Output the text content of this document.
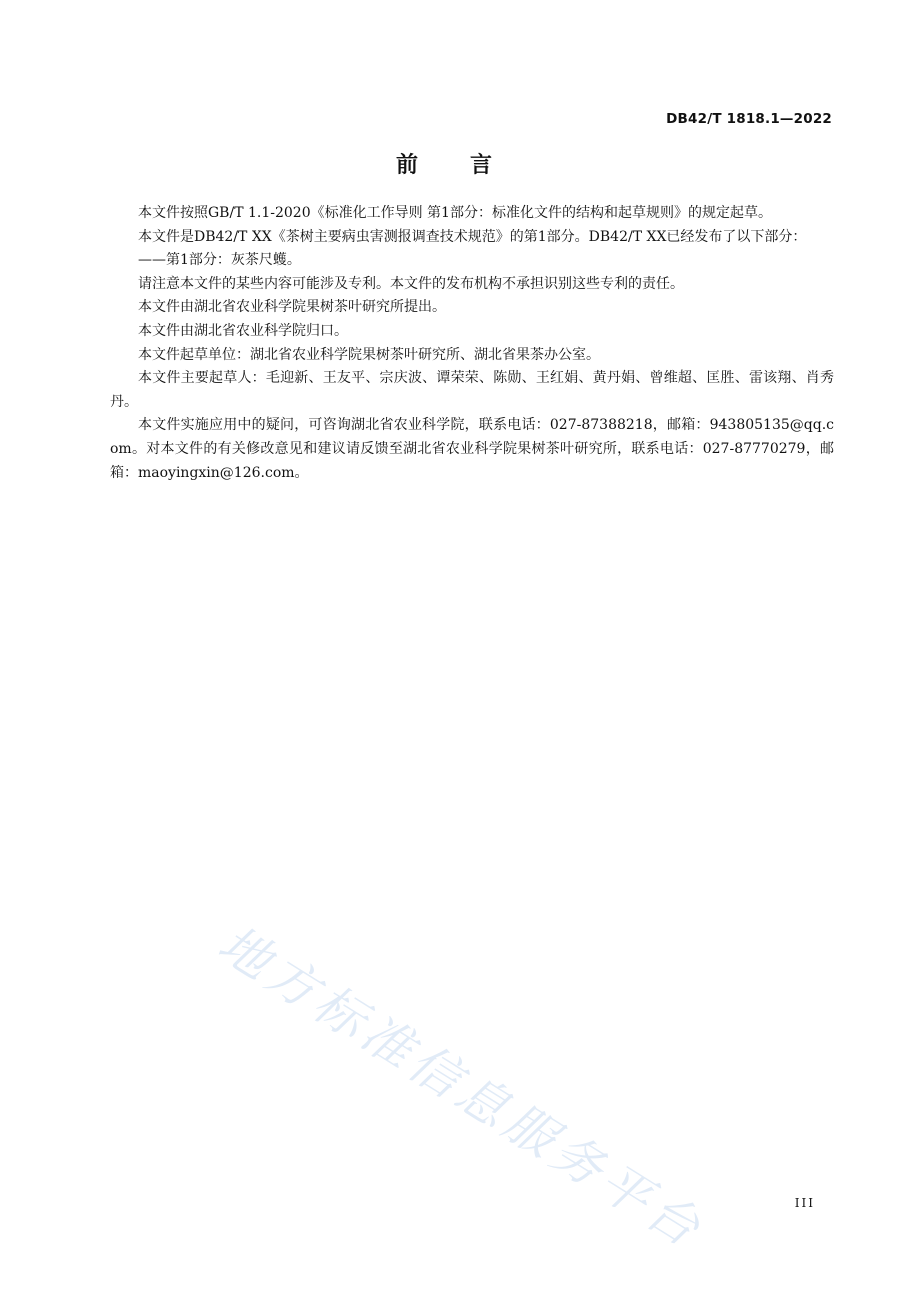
DB42/T 1818.1—2022
前言

本文件按照GB/T 1.1-2020《标准化工作导则 第1部分：标准化文件的结构和起草规则》的规定起草。

本文件是DB42/T XX《茶树主要病虫害测报调查技术规范》的第1部分。DB42/T XX已经发布了以下部分：

——第1部分：灰茶尺蠖。

请注意本文件的某些内容可能涉及专利。本文件的发布机构不承担识别这些专利的责任。

本文件由湖北省农业科学院果树茶叶研究所提出。

本文件由湖北省农业科学院归口。

本文件起草单位：湖北省农业科学院果树茶叶研究所、湖北省果茶办公室。

本文件主要起草人：毛迎新、王友平、宗庆波、谭荣荣、陈勋、王红娟、黄丹娟、曾维超、匡胜、雷该翔、肖秀丹。

本文件实施应用中的疑问，可咨询湖北省农业科学院，联系电话：027-87388218，邮箱：943805135@qq.com。对本文件的有关修改意见和建议请反馈至湖北省农业科学院果树茶叶研究所，联系电话：027-87770279，邮箱：maoyingxin@126.com。

地方标准信息服务平台	III
